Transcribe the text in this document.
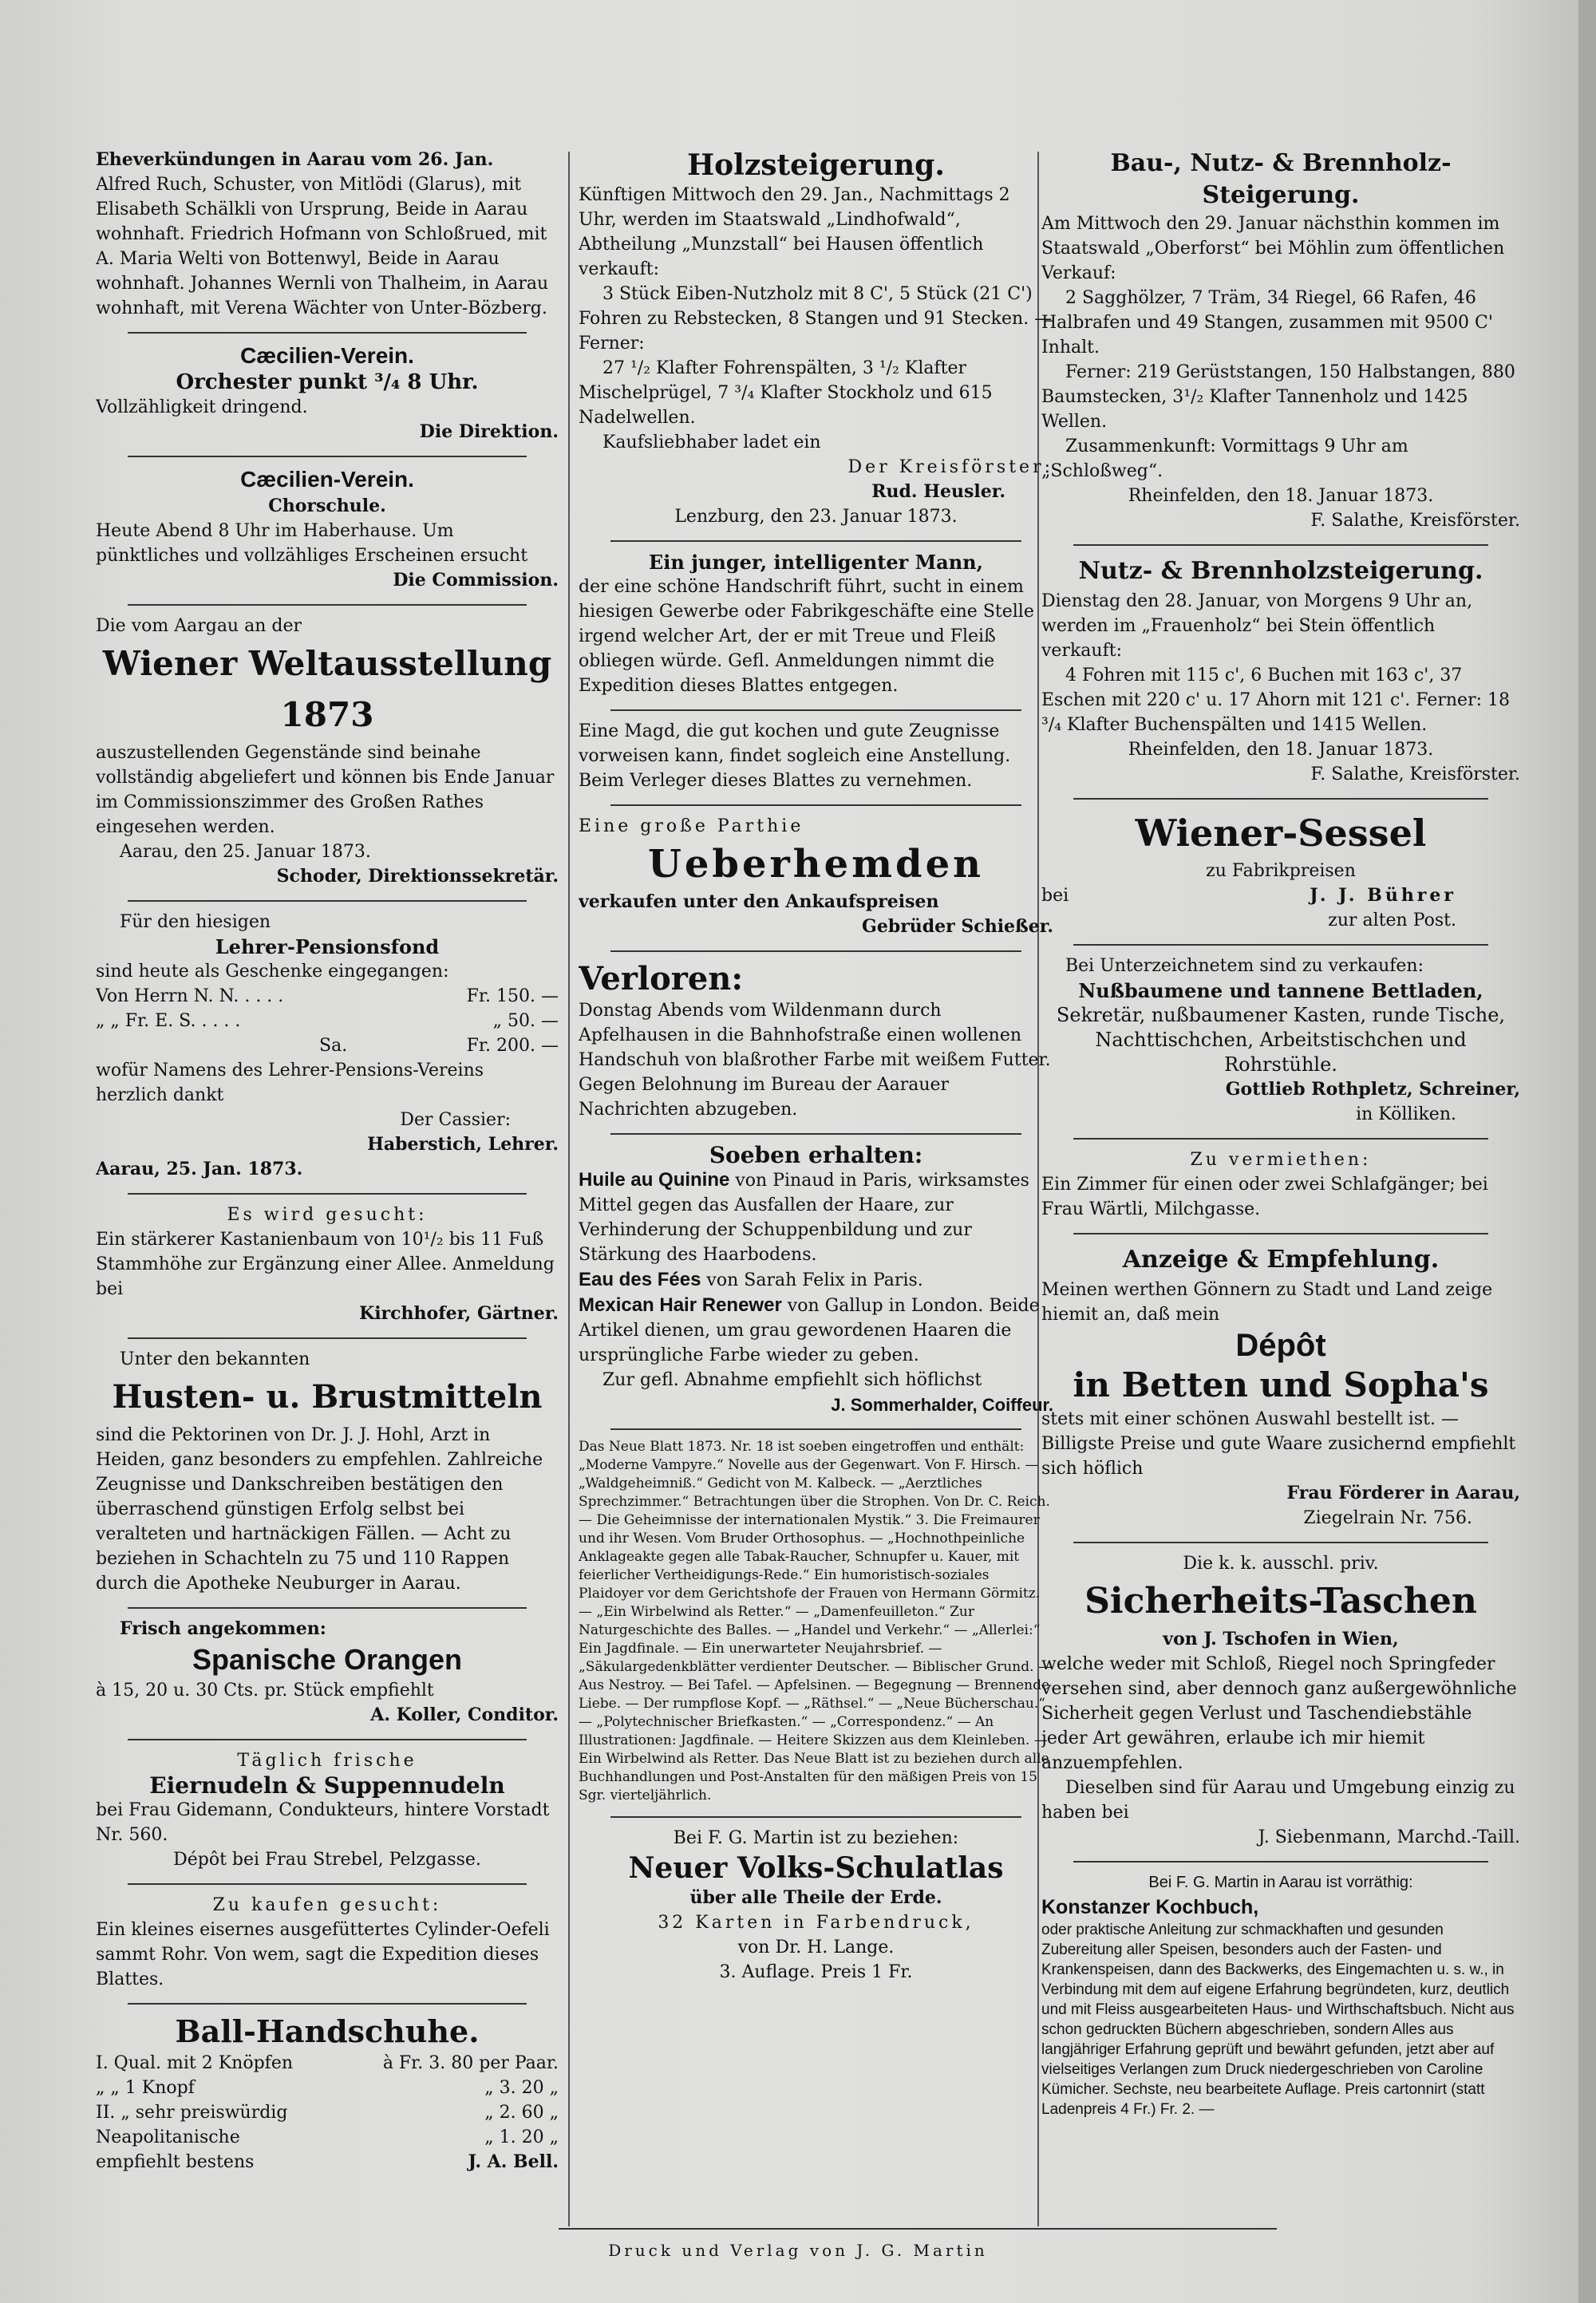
Eheverkündungen in Aarau vom 26. Jan.

Alfred Ruch, Schuster, von Mitlödi (Glarus), mit Elisabeth Schälkli von Ursprung, Beide in Aarau wohnhaft. Friedrich Hofmann von Schloßrued, mit A. Maria Welti von Bottenwyl, Beide in Aarau wohnhaft. Johannes Wernli von Thalheim, in Aarau wohnhaft, mit Verena Wächter von Unter-Bözberg.

Cæcilien-Verein.

Orchester punkt ³/₄ 8 Uhr.

Vollzähligkeit dringend.

Die Direktion.

Cæcilien-Verein.

Chorschule.

Heute Abend 8 Uhr im Haberhause. Um pünktliches und vollzähliges Erscheinen ersucht

Die Commission.

Die vom Aargau an der

Wiener Weltausstellung 1873

auszustellenden Gegenstände sind beinahe vollständig abgeliefert und können bis Ende Januar im Commissionszimmer des Großen Rathes eingesehen werden.

Aarau, den 25. Januar 1873.

Schoder, Direktionssekretär.

Für den hiesigen

Lehrer-Pensionsfond

sind heute als Geschenke eingegangen:

Von Herrn N. N. . . . .	Fr. 150. —
„ „ Fr. E. S. . . . .	„ 50. —
Sa.	Fr. 200. —

wofür Namens des Lehrer-Pensions-Vereins herzlich dankt

Der Cassier:

Haberstich, Lehrer.

Aarau, 25. Jan. 1873.

Es wird gesucht:

Ein stärkerer Kastanienbaum von 10¹/₂ bis 11 Fuß Stammhöhe zur Ergänzung einer Allee. Anmeldung bei

Kirchhofer, Gärtner.

Unter den bekannten

Husten- u. Brustmitteln

sind die Pektorinen von Dr. J. J. Hohl, Arzt in Heiden, ganz besonders zu empfehlen. Zahlreiche Zeugnisse und Dankschreiben bestätigen den überraschend günstigen Erfolg selbst bei veralteten und hartnäckigen Fällen. — Acht zu beziehen in Schachteln zu 75 und 110 Rappen durch die Apotheke Neuburger in Aarau.

Frisch angekommen:

Spanische Orangen

à 15, 20 u. 30 Cts. pr. Stück empfiehlt

A. Koller, Conditor.

Täglich frische

Eiernudeln & Suppennudeln

bei Frau Gidemann, Condukteurs, hintere Vorstadt Nr. 560.

Dépôt bei Frau Strebel, Pelzgasse.

Zu kaufen gesucht:

Ein kleines eisernes ausgefüttertes Cylinder-Oefeli sammt Rohr. Von wem, sagt die Expedition dieses Blattes.

Ball-Handschuhe.

I. Qual. mit 2 Knöpfen	à Fr. 3. 80 per Paar.
„ „ 1 Knopf	„ 3. 20 „
II. „ sehr preiswürdig	„ 2. 60 „
Neapolitanische	„ 1. 20 „
empfiehlt bestens	J. A. Bell.

Holzsteigerung.

Künftigen Mittwoch den 29. Jan., Nachmittags 2 Uhr, werden im Staatswald „Lindhofwald“, Abtheilung „Munzstall“ bei Hausen öffentlich verkauft:

3 Stück Eiben-Nutzholz mit 8 C', 5 Stück (21 C') Fohren zu Rebstecken, 8 Stangen und 91 Stecken. — Ferner:

27 ¹/₂ Klafter Fohrenspälten, 3 ¹/₂ Klafter Mischelprügel, 7 ³/₄ Klafter Stockholz und 615 Nadelwellen.

Kaufsliebhaber ladet ein

Der Kreisförster:

Rud. Heusler.

Lenzburg, den 23. Januar 1873.

Ein junger, intelligenter Mann,

der eine schöne Handschrift führt, sucht in einem hiesigen Gewerbe oder Fabrikgeschäfte eine Stelle irgend welcher Art, der er mit Treue und Fleiß obliegen würde. Gefl. Anmeldungen nimmt die Expedition dieses Blattes entgegen.

Eine Magd, die gut kochen und gute Zeugnisse vorweisen kann, findet sogleich eine Anstellung. Beim Verleger dieses Blattes zu vernehmen.

Eine große Parthie

Ueberhemden

verkaufen unter den Ankaufspreisen

Gebrüder Schießer.

Verloren:

Donstag Abends vom Wildenmann durch Apfelhausen in die Bahnhofstraße einen wollenen Handschuh von blaßrother Farbe mit weißem Futter. Gegen Belohnung im Bureau der Aarauer Nachrichten abzugeben.

Soeben erhalten:

Huile au Quinine von Pinaud in Paris, wirksamstes Mittel gegen das Ausfallen der Haare, zur Verhinderung der Schuppenbildung und zur Stärkung des Haarbodens.

Eau des Fées von Sarah Felix in Paris.

Mexican Hair Renewer von Gallup in London. Beide Artikel dienen, um grau gewordenen Haaren die ursprüngliche Farbe wieder zu geben.

Zur gefl. Abnahme empfiehlt sich höflichst

J. Sommerhalder, Coiffeur.

Das Neue Blatt 1873. Nr. 18 ist soeben eingetroffen und enthält: „Moderne Vampyre.“ Novelle aus der Gegenwart. Von F. Hirsch. — „Waldgeheimniß.“ Gedicht von M. Kalbeck. — „Aerztliches Sprechzimmer.“ Betrachtungen über die Strophen. Von Dr. C. Reich. — Die Geheimnisse der internationalen Mystik.“ 3. Die Freimaurer und ihr Wesen. Vom Bruder Orthosophus. — „Hochnothpeinliche Anklageakte gegen alle Tabak-Raucher, Schnupfer u. Kauer, mit feierlicher Vertheidigungs-Rede.“ Ein humoristisch-soziales Plaidoyer vor dem Gerichtshofe der Frauen von Hermann Görmitz. — „Ein Wirbelwind als Retter.“ — „Damenfeuilleton.“ Zur Naturgeschichte des Balles. — „Handel und Verkehr.“ — „Allerlei:“ Ein Jagdfinale. — Ein unerwarteter Neujahrsbrief. — „Säkulargedenkblätter verdienter Deutscher. — Biblischer Grund. — Aus Nestroy. — Bei Tafel. — Apfelsinen. — Begegnung — Brennende Liebe. — Der rumpflose Kopf. — „Räthsel.“ — „Neue Bücherschau.“ — „Polytechnischer Briefkasten.“ — „Correspondenz.“ — An Illustrationen: Jagdfinale. — Heitere Skizzen aus dem Kleinleben. — Ein Wirbelwind als Retter. Das Neue Blatt ist zu beziehen durch alle Buchhandlungen und Post-Anstalten für den mäßigen Preis von 15 Sgr. vierteljährlich.

Bei F. G. Martin ist zu beziehen:

Neuer Volks-Schulatlas

über alle Theile der Erde.

32 Karten in Farbendruck,

von Dr. H. Lange.

3. Auflage. Preis 1 Fr.

Bau-, Nutz- & Brennholz-Steigerung.

Am Mittwoch den 29. Januar nächsthin kommen im Staatswald „Oberforst“ bei Möhlin zum öffentlichen Verkauf:

2 Sagghölzer, 7 Träm, 34 Riegel, 66 Rafen, 46 Halbrafen und 49 Stangen, zusammen mit 9500 C' Inhalt.

Ferner: 219 Gerüststangen, 150 Halbstangen, 880 Baumstecken, 3¹/₂ Klafter Tannenholz und 1425 Wellen.

Zusammenkunft: Vormittags 9 Uhr am „Schloßweg“.

Rheinfelden, den 18. Januar 1873.

F. Salathe, Kreisförster.

Nutz- & Brennholzsteigerung.

Dienstag den 28. Januar, von Morgens 9 Uhr an, werden im „Frauenholz“ bei Stein öffentlich verkauft:

4 Fohren mit 115 c', 6 Buchen mit 163 c', 37 Eschen mit 220 c' u. 17 Ahorn mit 121 c'. Ferner: 18 ³/₄ Klafter Buchenspälten und 1415 Wellen.

Rheinfelden, den 18. Januar 1873.

F. Salathe, Kreisförster.

Wiener-Sessel

zu Fabrikpreisen

bei	J. J. Bührer

zur alten Post.

Bei Unterzeichnetem sind zu verkaufen:

Nußbaumene und tannene Bettladen,

Sekretär, nußbaumener Kasten, runde Tische, Nachttischchen, Arbeitstischchen und Rohrstühle.

Gottlieb Rothpletz, Schreiner,

in Kölliken.

Zu vermiethen:

Ein Zimmer für einen oder zwei Schlafgänger; bei Frau Wärtli, Milchgasse.

Anzeige & Empfehlung.

Meinen werthen Gönnern zu Stadt und Land zeige hiemit an, daß mein

Dépôt

in Betten und Sopha's

stets mit einer schönen Auswahl bestellt ist. — Billigste Preise und gute Waare zusichernd empfiehlt sich höflich

Frau Förderer in Aarau,

Ziegelrain Nr. 756.

Die k. k. ausschl. priv.

Sicherheits-Taschen

von J. Tschofen in Wien,

welche weder mit Schloß, Riegel noch Springfeder versehen sind, aber dennoch ganz außergewöhnliche Sicherheit gegen Verlust und Taschendiebstähle jeder Art gewähren, erlaube ich mir hiemit anzuempfehlen.

Dieselben sind für Aarau und Umgebung einzig zu haben bei

J. Siebenmann, Marchd.-Taill.

Bei F. G. Martin in Aarau ist vorräthig:

Konstanzer Kochbuch,

oder praktische Anleitung zur schmackhaften und gesunden Zubereitung aller Speisen, besonders auch der Fasten- und Krankenspeisen, dann des Backwerks, des Eingemachten u. s. w., in Verbindung mit dem auf eigene Erfahrung begründeten, kurz, deutlich und mit Fleiss ausgearbeiteten Haus- und Wirthschaftsbuch. Nicht aus schon gedruckten Büchern abgeschrieben, sondern Alles aus langjähriger Erfahrung geprüft und bewährt gefunden, jetzt aber auf vielseitiges Verlangen zum Druck niedergeschrieben von Caroline Kümicher. Sechste, neu bearbeitete Auflage. Preis cartonnirt (statt Ladenpreis 4 Fr.) Fr. 2. —

Druck und Verlag von J. G. Martin
